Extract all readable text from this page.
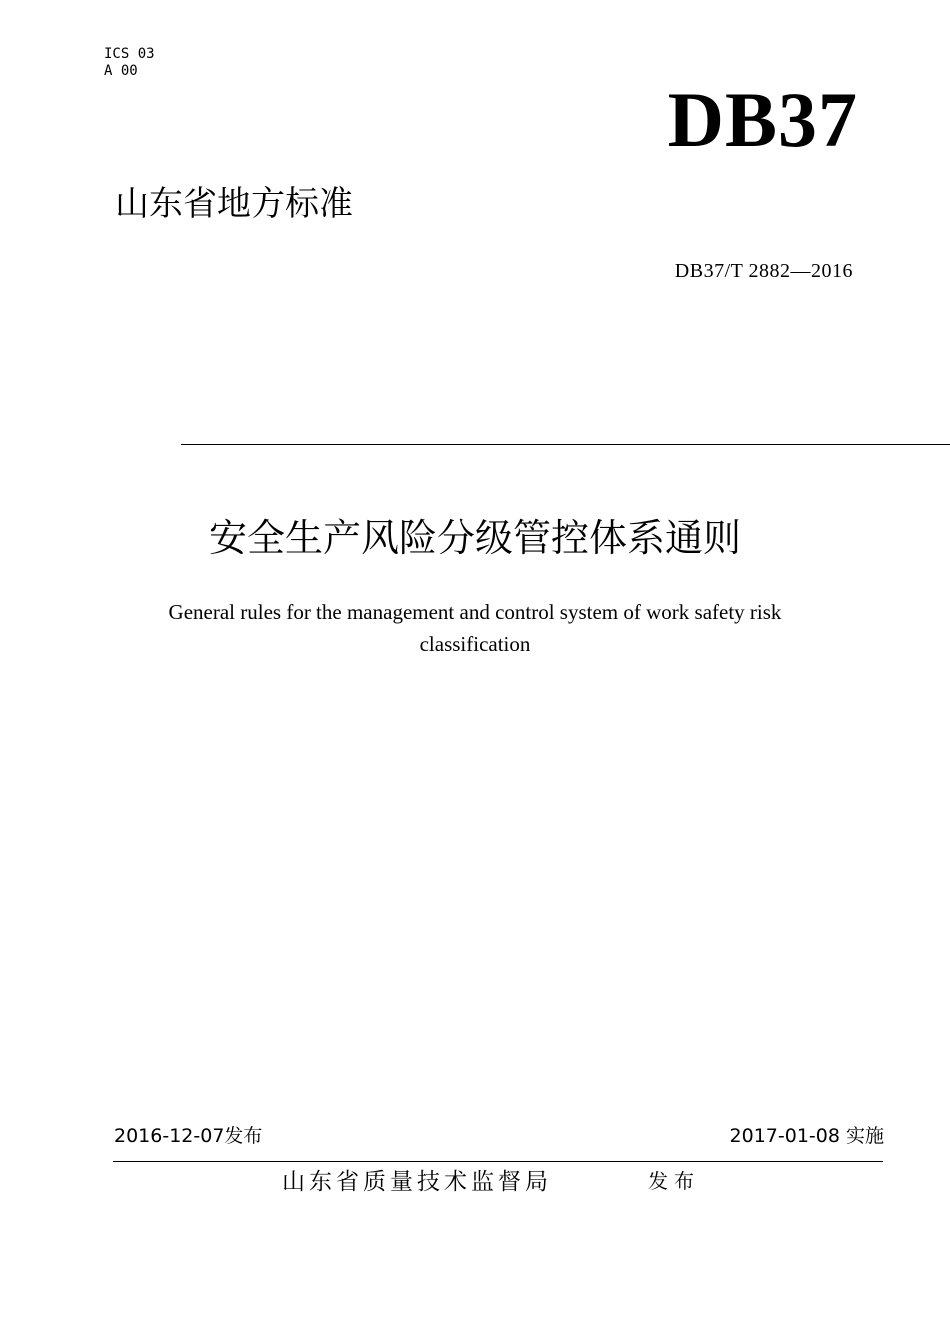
ICS 03
A 00
DB37
山东省地方标准
DB37/T 2882—2016
安全生产风险分级管控体系通则
General rules for the management and control system of work safety risk classification
2016-12-07发布	2017-01-08 实施
山东省质量技术监督局	发布
